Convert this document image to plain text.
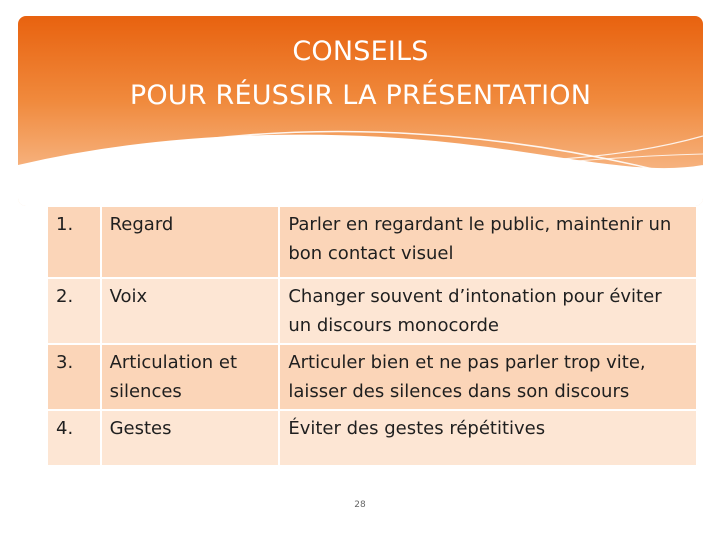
CONSEILS
POUR RÉUSSIR LA PRÉSENTATION
1.	Regard	Parler en regardant le public, maintenir un bon contact visuel
2.	Voix	Changer souvent d’intonation pour éviter un discours monocorde
3.	Articulation et silences	Articuler bien et ne pas parler trop vite, laisser des silences dans son discours
4.	Gestes	Éviter des gestes répétitives
28
